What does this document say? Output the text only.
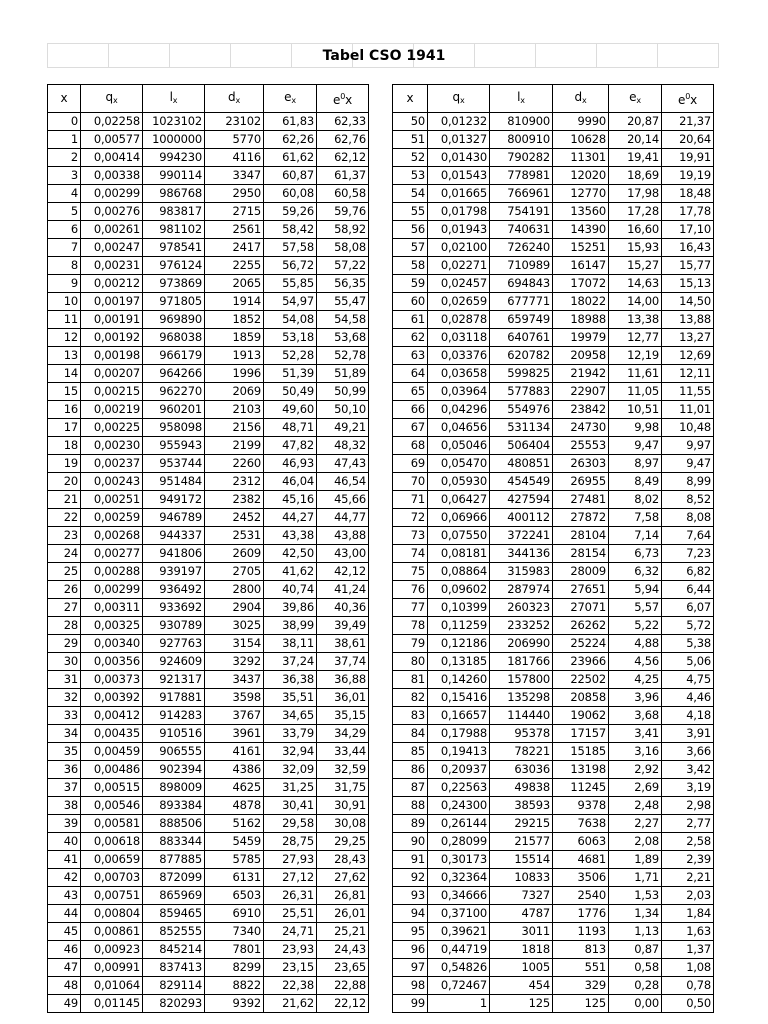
Tabel CSO 1941
x	$q_x$	$l_x$	$d_x$	$e_x$	$e^0x$
0	0,02258	1023102	23102	61,83	62,33
1	0,00577	1000000	5770	62,26	62,76
2	0,00414	994230	4116	61,62	62,12
3	0,00338	990114	3347	60,87	61,37
4	0,00299	986768	2950	60,08	60,58
5	0,00276	983817	2715	59,26	59,76
6	0,00261	981102	2561	58,42	58,92
7	0,00247	978541	2417	57,58	58,08
8	0,00231	976124	2255	56,72	57,22
9	0,00212	973869	2065	55,85	56,35
10	0,00197	971805	1914	54,97	55,47
11	0,00191	969890	1852	54,08	54,58
12	0,00192	968038	1859	53,18	53,68
13	0,00198	966179	1913	52,28	52,78
14	0,00207	964266	1996	51,39	51,89
15	0,00215	962270	2069	50,49	50,99
16	0,00219	960201	2103	49,60	50,10
17	0,00225	958098	2156	48,71	49,21
18	0,00230	955943	2199	47,82	48,32
19	0,00237	953744	2260	46,93	47,43
20	0,00243	951484	2312	46,04	46,54
21	0,00251	949172	2382	45,16	45,66
22	0,00259	946789	2452	44,27	44,77
23	0,00268	944337	2531	43,38	43,88
24	0,00277	941806	2609	42,50	43,00
25	0,00288	939197	2705	41,62	42,12
26	0,00299	936492	2800	40,74	41,24
27	0,00311	933692	2904	39,86	40,36
28	0,00325	930789	3025	38,99	39,49
29	0,00340	927763	3154	38,11	38,61
30	0,00356	924609	3292	37,24	37,74
31	0,00373	921317	3437	36,38	36,88
32	0,00392	917881	3598	35,51	36,01
33	0,00412	914283	3767	34,65	35,15
34	0,00435	910516	3961	33,79	34,29
35	0,00459	906555	4161	32,94	33,44
36	0,00486	902394	4386	32,09	32,59
37	0,00515	898009	4625	31,25	31,75
38	0,00546	893384	4878	30,41	30,91
39	0,00581	888506	5162	29,58	30,08
40	0,00618	883344	5459	28,75	29,25
41	0,00659	877885	5785	27,93	28,43
42	0,00703	872099	6131	27,12	27,62
43	0,00751	865969	6503	26,31	26,81
44	0,00804	859465	6910	25,51	26,01
45	0,00861	852555	7340	24,71	25,21
46	0,00923	845214	7801	23,93	24,43
47	0,00991	837413	8299	23,15	23,65
48	0,01064	829114	8822	22,38	22,88
49	0,01145	820293	9392	21,62	22,12
x	$q_x$	$l_x$	$d_x$	$e_x$	$e^0x$
50	0,01232	810900	9990	20,87	21,37
51	0,01327	800910	10628	20,14	20,64
52	0,01430	790282	11301	19,41	19,91
53	0,01543	778981	12020	18,69	19,19
54	0,01665	766961	12770	17,98	18,48
55	0,01798	754191	13560	17,28	17,78
56	0,01943	740631	14390	16,60	17,10
57	0,02100	726240	15251	15,93	16,43
58	0,02271	710989	16147	15,27	15,77
59	0,02457	694843	17072	14,63	15,13
60	0,02659	677771	18022	14,00	14,50
61	0,02878	659749	18988	13,38	13,88
62	0,03118	640761	19979	12,77	13,27
63	0,03376	620782	20958	12,19	12,69
64	0,03658	599825	21942	11,61	12,11
65	0,03964	577883	22907	11,05	11,55
66	0,04296	554976	23842	10,51	11,01
67	0,04656	531134	24730	9,98	10,48
68	0,05046	506404	25553	9,47	9,97
69	0,05470	480851	26303	8,97	9,47
70	0,05930	454549	26955	8,49	8,99
71	0,06427	427594	27481	8,02	8,52
72	0,06966	400112	27872	7,58	8,08
73	0,07550	372241	28104	7,14	7,64
74	0,08181	344136	28154	6,73	7,23
75	0,08864	315983	28009	6,32	6,82
76	0,09602	287974	27651	5,94	6,44
77	0,10399	260323	27071	5,57	6,07
78	0,11259	233252	26262	5,22	5,72
79	0,12186	206990	25224	4,88	5,38
80	0,13185	181766	23966	4,56	5,06
81	0,14260	157800	22502	4,25	4,75
82	0,15416	135298	20858	3,96	4,46
83	0,16657	114440	19062	3,68	4,18
84	0,17988	95378	17157	3,41	3,91
85	0,19413	78221	15185	3,16	3,66
86	0,20937	63036	13198	2,92	3,42
87	0,22563	49838	11245	2,69	3,19
88	0,24300	38593	9378	2,48	2,98
89	0,26144	29215	7638	2,27	2,77
90	0,28099	21577	6063	2,08	2,58
91	0,30173	15514	4681	1,89	2,39
92	0,32364	10833	3506	1,71	2,21
93	0,34666	7327	2540	1,53	2,03
94	0,37100	4787	1776	1,34	1,84
95	0,39621	3011	1193	1,13	1,63
96	0,44719	1818	813	0,87	1,37
97	0,54826	1005	551	0,58	1,08
98	0,72467	454	329	0,28	0,78
99	1	125	125	0,00	0,50
